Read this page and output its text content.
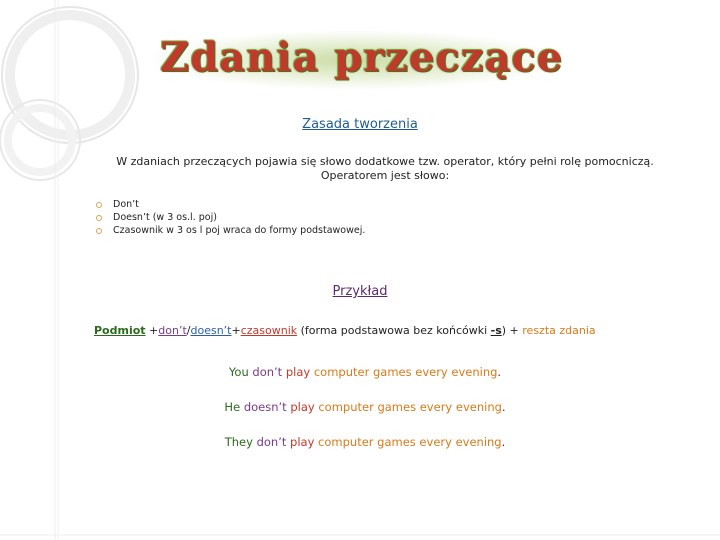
Zdania przeczące
Zasada tworzenia
W zdaniach przeczących pojawia się słowo dodatkowe tzw. operator, który pełni rolę pomocniczą. Operatorem jest słowo:
Don’t
Doesn’t (w 3 os.l. poj)
Czasownik w 3 os l poj wraca do formy podstawowej.
Przykład
Podmiot +don’t/doesn’t+czasownik (forma podstawowa bez końcówki -s) + reszta zdania
You don’t play computer games every evening.
He doesn’t play computer games every evening.
They don’t play computer games every evening.
